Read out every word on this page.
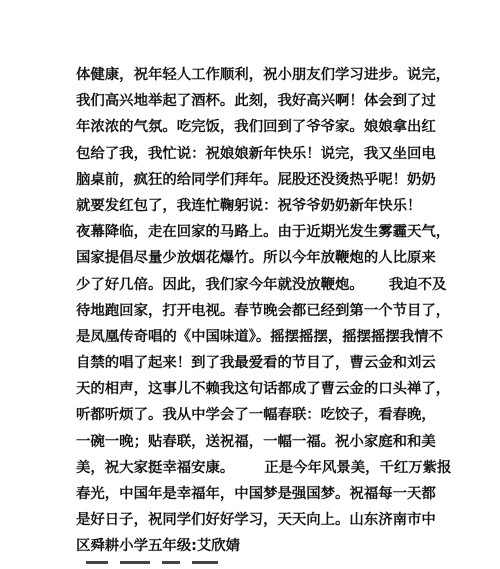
体健康，祝年轻人工作顺利，祝小朋友们学习进步。说完，
我们高兴地举起了酒杯。此刻，我好高兴啊！体会到了过
年浓浓的气氛。吃完饭，我们回到了爷爷家。娘娘拿出红
包给了我，我忙说：祝娘娘新年快乐！说完，我又坐回电
脑桌前，疯狂的给同学们拜年。屁股还没烫热乎呢！奶奶
就要发红包了，我连忙鞠躬说：祝爷爷奶奶新年快乐！
夜幕降临，走在回家的马路上。由于近期光发生雾霾天气，
国家提倡尽量少放烟花爆竹。所以今年放鞭炮的人比原来
少了好几倍。因此，我们家今年就没放鞭炮。     我迫不及
待地跑回家，打开电视。春节晚会都已经到第一个节目了，
是凤凰传奇唱的《中国味道》。摇摆摇摆，摇摆摇摆我情不
自禁的唱了起来！到了我最爱看的节目了，曹云金和刘云
天的相声，这事儿不赖我这句话都成了曹云金的口头禅了，
听都听烦了。我从中学会了一幅春联：吃饺子，看春晚，
一碗一晚；贴春联，送祝福，一幅一福。祝小家庭和和美
美，祝大家挺幸福安康。      正是今年风景美，千红万紫报
春光，中国年是幸福年，中国梦是强国梦。祝福每一天都
是好日子，祝同学们好好学习，天天向上。山东济南市中
区舜耕小学五年级:艾欣婧
